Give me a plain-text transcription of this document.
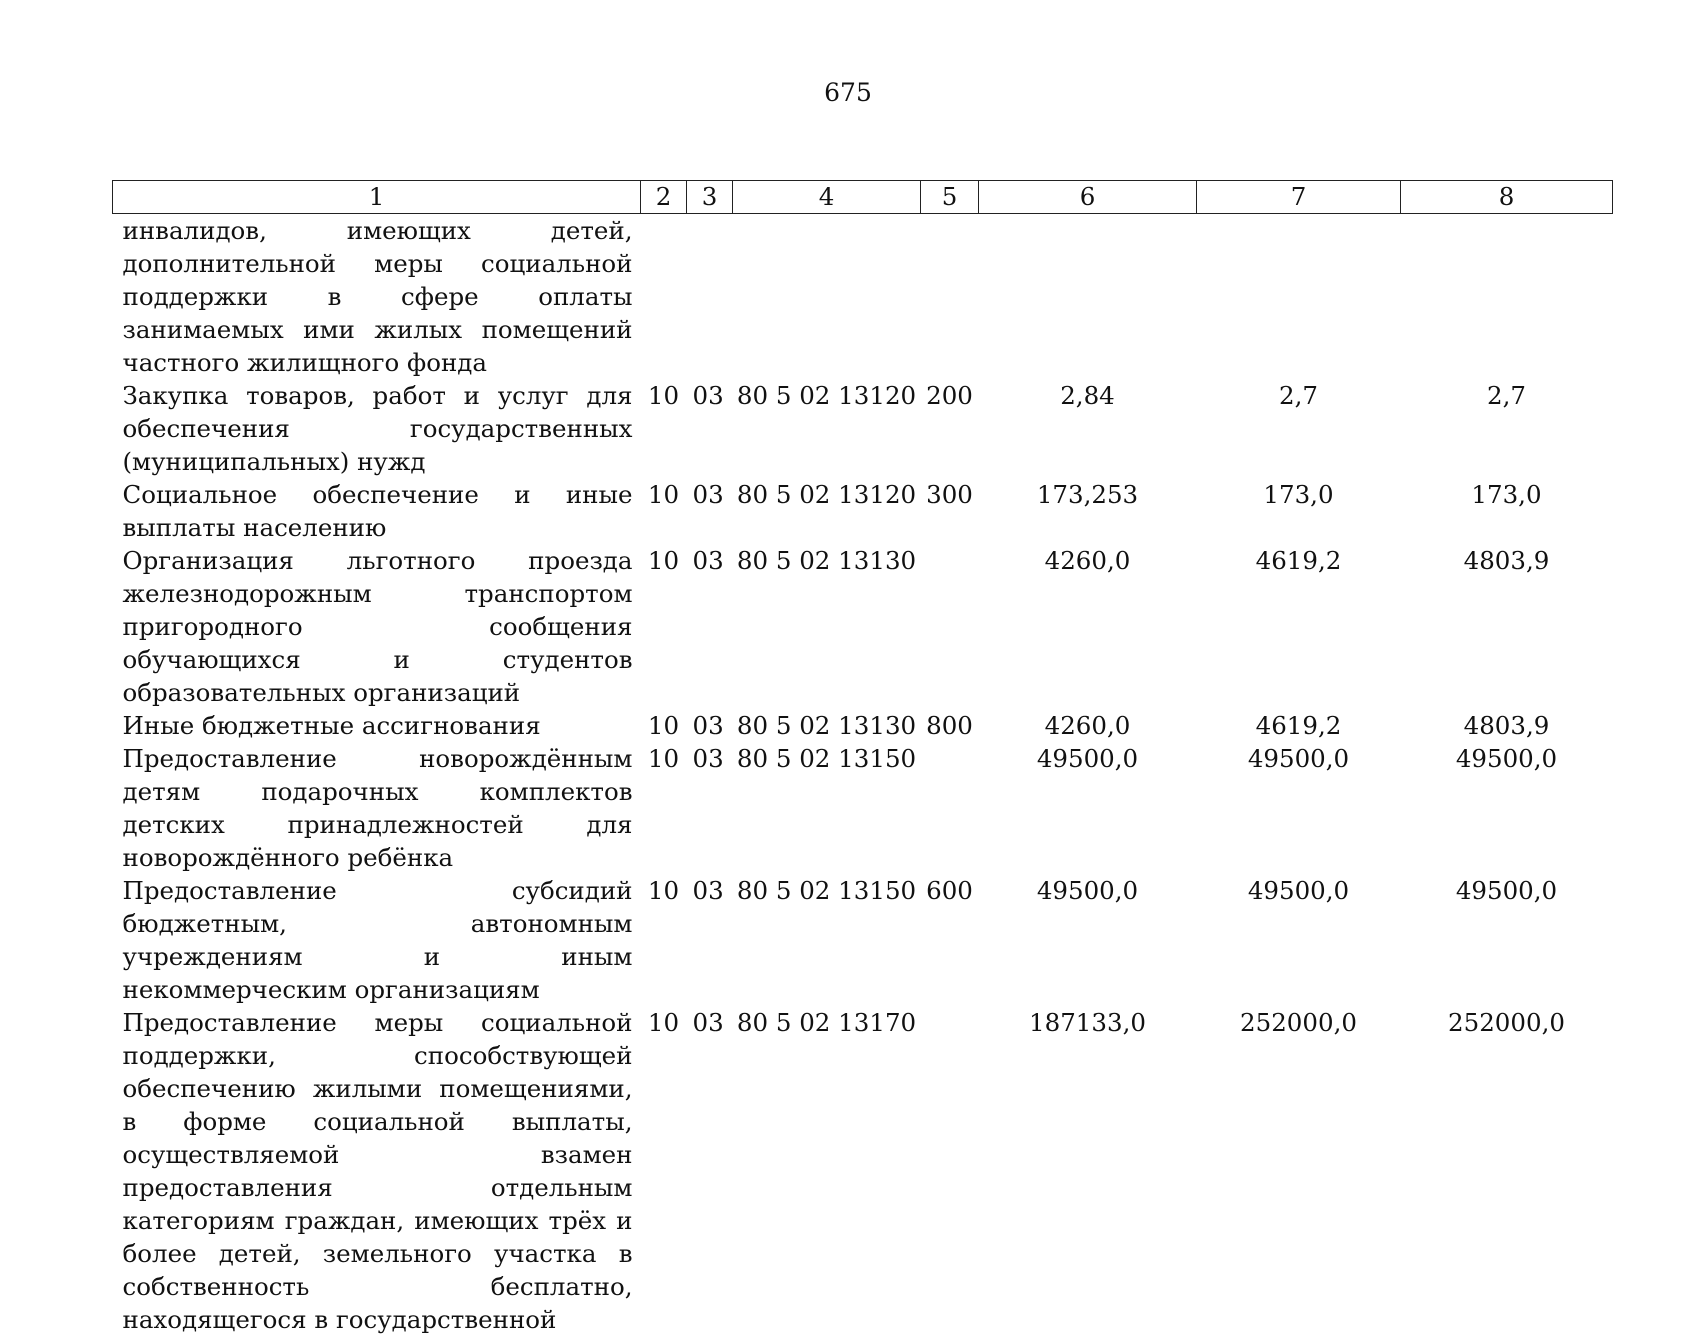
675
1	2	3	4	5	6	7	8
инвалидов, имеющих детей, дополнительной меры социальной поддержки в сфере оплаты занимаемых ими жилых помещений частного жилищного фонда							
Закупка товаров, работ и услуг для обеспечения государственных (муниципальных) нужд	10	03	80 5 02 13120	200	2,84	2,7	2,7
Социальное обеспечение и иные выплаты населению	10	03	80 5 02 13120	300	173,253	173,0	173,0
Организация льготного проезда железнодорожным транспортом пригородного сообщения обучающихся и студентов образовательных организаций	10	03	80 5 02 13130		4260,0	4619,2	4803,9
Иные бюджетные ассигнования	10	03	80 5 02 13130	800	4260,0	4619,2	4803,9
Предоставление новорождённым детям подарочных комплектов детских принадлежностей для новорождённого ребёнка	10	03	80 5 02 13150		49500,0	49500,0	49500,0
Предоставление субсидий бюджетным, автономным учреждениям и иным некоммерческим организациям	10	03	80 5 02 13150	600	49500,0	49500,0	49500,0
Предоставление меры социальной поддержки, способствующей обеспечению жилыми помещениями, в форме социальной выплаты, осуществляемой взамен предоставления отдельным категориям граждан, имеющих трёх и более детей, земельного участка в собственность бесплатно, находящегося в государственной	10	03	80 5 02 13170		187133,0	252000,0	252000,0
